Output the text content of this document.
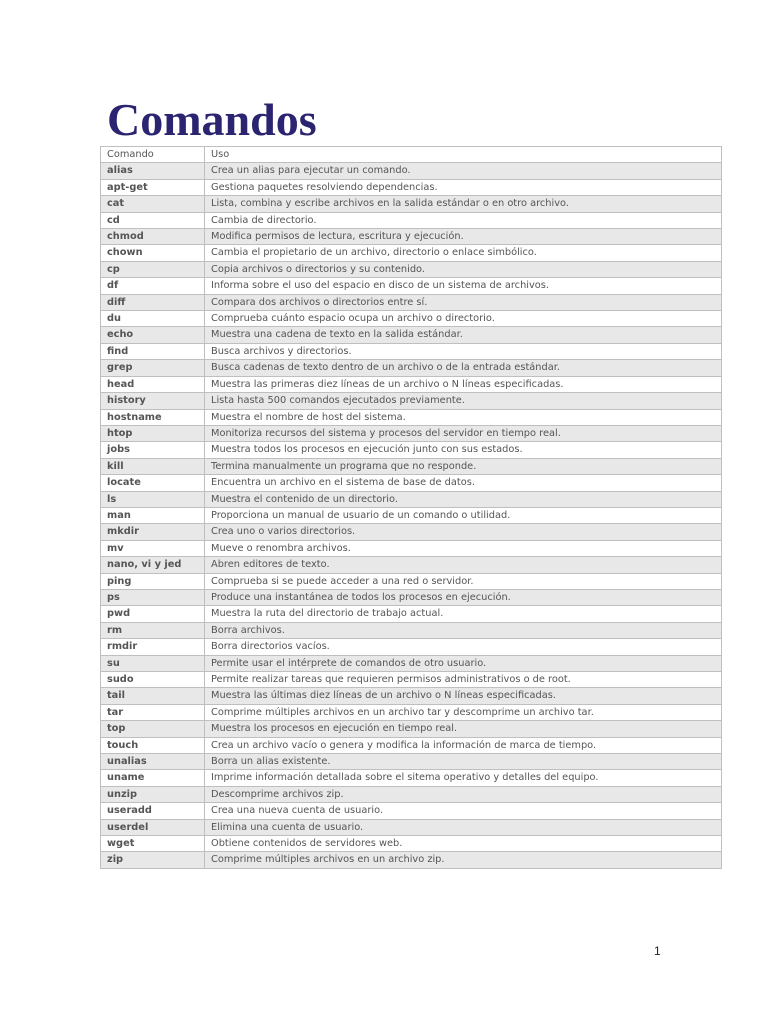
Comandos
Comando	Uso
alias	Crea un alias para ejecutar un comando.
apt-get	Gestiona paquetes resolviendo dependencias.
cat	Lista, combina y escribe archivos en la salida estándar o en otro archivo.
cd	Cambia de directorio.
chmod	Modifica permisos de lectura, escritura y ejecución.
chown	Cambia el propietario de un archivo, directorio o enlace simbólico.
cp	Copia archivos o directorios y su contenido.
df	Informa sobre el uso del espacio en disco de un sistema de archivos.
diff	Compara dos archivos o directorios entre sí.
du	Comprueba cuánto espacio ocupa un archivo o directorio.
echo	Muestra una cadena de texto en la salida estándar.
find	Busca archivos y directorios.
grep	Busca cadenas de texto dentro de un archivo o de la entrada estándar.
head	Muestra las primeras diez líneas de un archivo o N líneas especificadas.
history	Lista hasta 500 comandos ejecutados previamente.
hostname	Muestra el nombre de host del sistema.
htop	Monitoriza recursos del sistema y procesos del servidor en tiempo real.
jobs	Muestra todos los procesos en ejecución junto con sus estados.
kill	Termina manualmente un programa que no responde.
locate	Encuentra un archivo en el sistema de base de datos.
ls	Muestra el contenido de un directorio.
man	Proporciona un manual de usuario de un comando o utilidad.
mkdir	Crea uno o varios directorios.
mv	Mueve o renombra archivos.
nano, vi y jed	Abren editores de texto.
ping	Comprueba si se puede acceder a una red o servidor.
ps	Produce una instantánea de todos los procesos en ejecución.
pwd	Muestra la ruta del directorio de trabajo actual.
rm	Borra archivos.
rmdir	Borra directorios vacíos.
su	Permite usar el intérprete de comandos de otro usuario.
sudo	Permite realizar tareas que requieren permisos administrativos o de root.
tail	Muestra las últimas diez líneas de un archivo o N líneas especificadas.
tar	Comprime múltiples archivos en un archivo tar y descomprime un archivo tar.
top	Muestra los procesos en ejecución en tiempo real.
touch	Crea un archivo vacío o genera y modifica la información de marca de tiempo.
unalias	Borra un alias existente.
uname	Imprime información detallada sobre el sitema operativo y detalles del equipo.
unzip	Descomprime archivos zip.
useradd	Crea una nueva cuenta de usuario.
userdel	Elimina una cuenta de usuario.
wget	Obtiene contenidos de servidores web.
zip	Comprime múltiples archivos en un archivo zip.
1
